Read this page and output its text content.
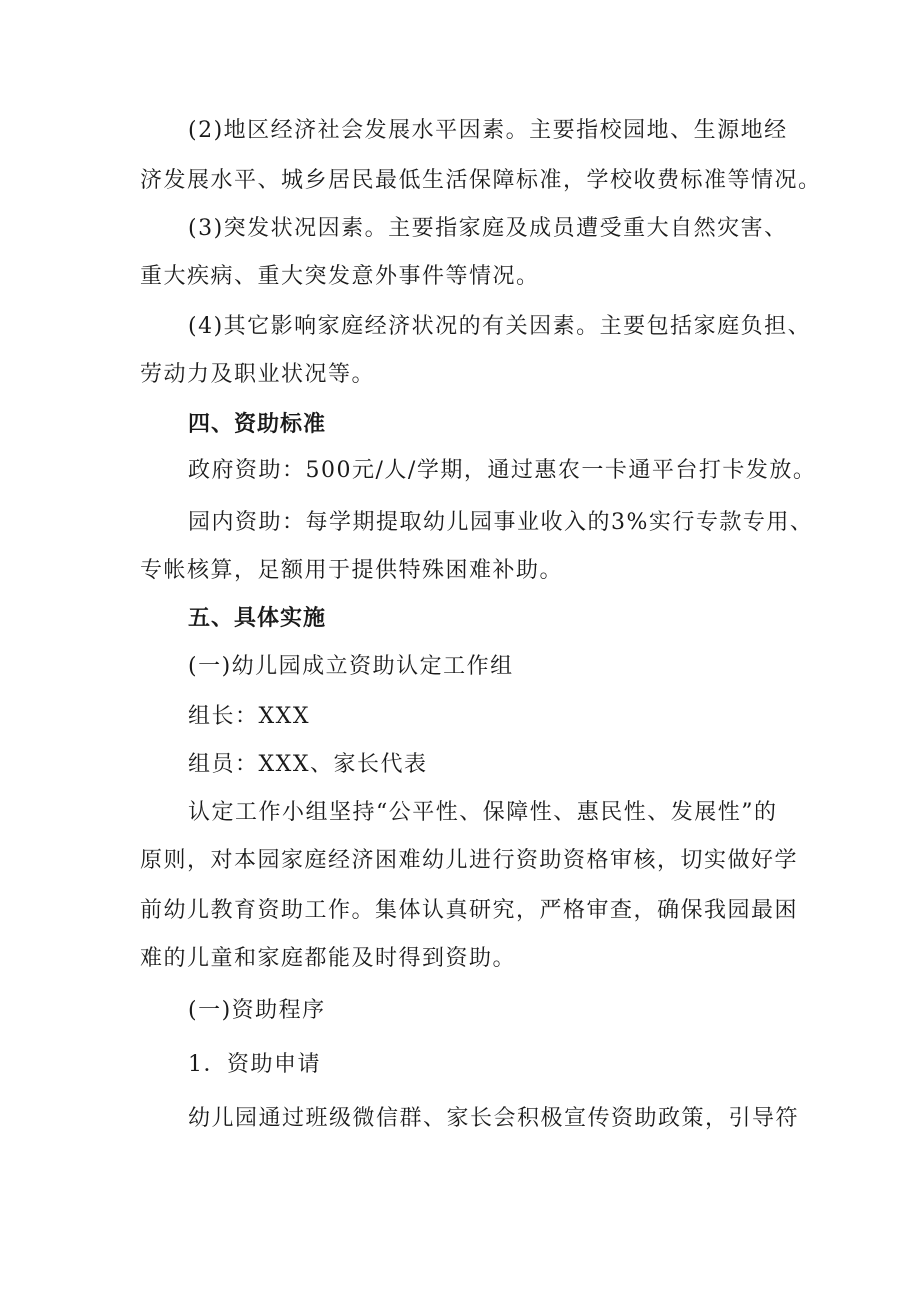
(2)地区经济社会发展水平因素。主要指校园地、生源地经
济发展水平、城乡居民最低生活保障标准，学校收费标准等情况。
(3)突发状况因素。主要指家庭及成员遭受重大自然灾害、
重大疾病、重大突发意外事件等情况。
(4)其它影响家庭经济状况的有关因素。主要包括家庭负担、
劳动力及职业状况等。
四、资助标准
政府资助：500元/人/学期，通过惠农一卡通平台打卡发放。
园内资助：每学期提取幼儿园事业收入的3%实行专款专用、
专帐核算，足额用于提供特殊困难补助。
五、具体实施
(一)幼儿园成立资助认定工作组
组长：XXX
组员：XXX、家长代表
认定工作小组坚持“公平性、保障性、惠民性、发展性”的
原则，对本园家庭经济困难幼儿进行资助资格审核，切实做好学
前幼儿教育资助工作。集体认真研究，严格审查，确保我园最困
难的儿童和家庭都能及时得到资助。
(一)资助程序
1．资助申请
幼儿园通过班级微信群、家长会积极宣传资助政策，引导符
